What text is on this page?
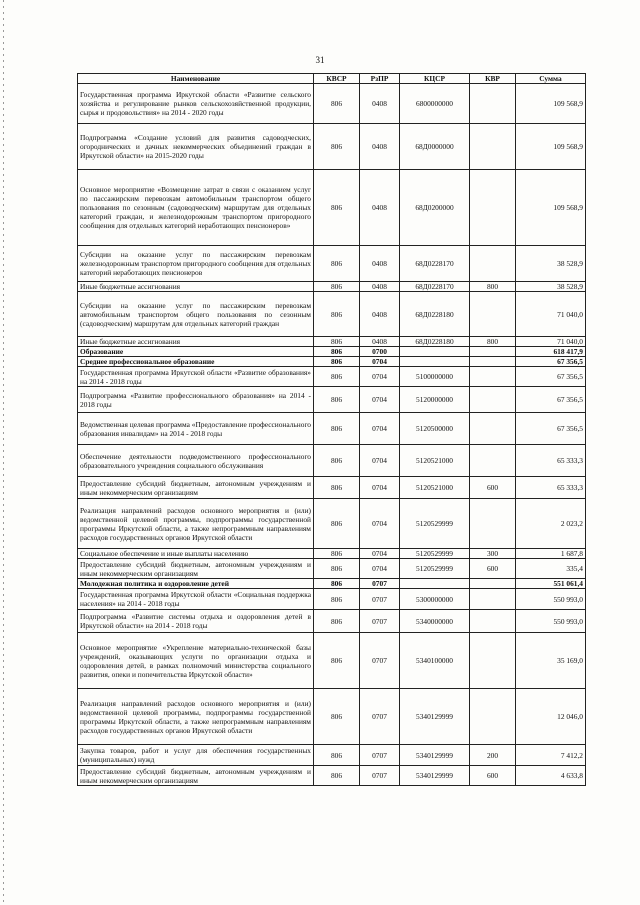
31
Наименование	КВСР	РзПР	КЦСР	КВР	Сумма
Государственная программа Иркутской области «Развитие сельского хозяйства и регулирование рынков сельскохозяйственной продукции, сырья и продовольствия» на 2014 - 2020 годы	806	0408	6800000000		109 568,9
Подпрограмма «Создание условий для развития садоводческих, огороднических и дачных некоммерческих объединений граждан в Иркутской области» на 2015-2020 годы	806	0408	68Д0000000		109 568,9
Основное мероприятие «Возмещение затрат в связи с оказанием услуг по пассажирским перевозкам автомобильным транспортом общего пользования по сезонным (садоводческим) маршрутам для отдельных категорий граждан, и железнодорожным транспортом пригородного сообщения для отдельных категорий неработающих пенсионеров»	806	0408	68Д0200000		109 568,9
Субсидии на оказание услуг по пассажирским перевозкам железнодорожным транспортом пригородного сообщения для отдельных категорий неработающих пенсионеров	806	0408	68Д0228170		38 528,9
Иные бюджетные ассигнования	806	0408	68Д0228170	800	38 528,9
Субсидии на оказание услуг по пассажирским перевозкам автомобильным транспортом общего пользования по сезонным (садоводческим) маршрутам для отдельных категорий граждан	806	0408	68Д0228180		71 040,0
Иные бюджетные ассигнования	806	0408	68Д0228180	800	71 040,0
Образование	806	0700			618 417,9
Среднее профессиональное образование	806	0704			67 356,5
Государственная программа Иркутской области «Развитие образования» на 2014 - 2018 годы	806	0704	5100000000		67 356,5
Подпрограмма «Развитие профессионального образования» на 2014 - 2018 годы	806	0704	5120000000		67 356,5
Ведомственная целевая программа «Предоставление профессионального образования инвалидам» на 2014 - 2018 годы	806	0704	5120500000		67 356,5
Обеспечение деятельности подведомственного профессионального образовательного учреждения социального обслуживания	806	0704	5120521000		65 333,3
Предоставление субсидий бюджетным, автономным учреждениям и иным некоммерческим организациям	806	0704	5120521000	600	65 333,3
Реализация направлений расходов основного мероприятия и (или) ведомственной целевой программы, подпрограммы государственной программы Иркутской области, а также непрограммным направлениям расходов государственных органов Иркутской области	806	0704	5120529999		2 023,2
Социальное обеспечение и иные выплаты населению	806	0704	5120529999	300	1 687,8
Предоставление субсидий бюджетным, автономным учреждениям и иным некоммерческим организациям	806	0704	5120529999	600	335,4
Молодежная политика и оздоровление детей	806	0707			551 061,4
Государственная программа Иркутской области «Социальная поддержка населения» на 2014 - 2018 годы	806	0707	5300000000		550 993,0
Подпрограмма «Развитие системы отдыха и оздоровления детей в Иркутской области» на 2014 - 2018 годы	806	0707	5340000000		550 993,0
Основное мероприятие «Укрепление материально-технической базы учреждений, оказывающих услуги по организации отдыха и оздоровления детей, в рамках полномочий министерства социального развития, опеки и попечительства Иркутской области»	806	0707	5340100000		35 169,0
Реализация направлений расходов основного мероприятия и (или) ведомственной целевой программы, подпрограммы государственной программы Иркутской области, а также непрограммным направлениям расходов государственных органов Иркутской области	806	0707	5340129999		12 046,0
Закупка товаров, работ и услуг для обеспечения государственных (муниципальных) нужд	806	0707	5340129999	200	7 412,2
Предоставление субсидий бюджетным, автономным учреждениям и иным некоммерческим организациям	806	0707	5340129999	600	4 633,8
